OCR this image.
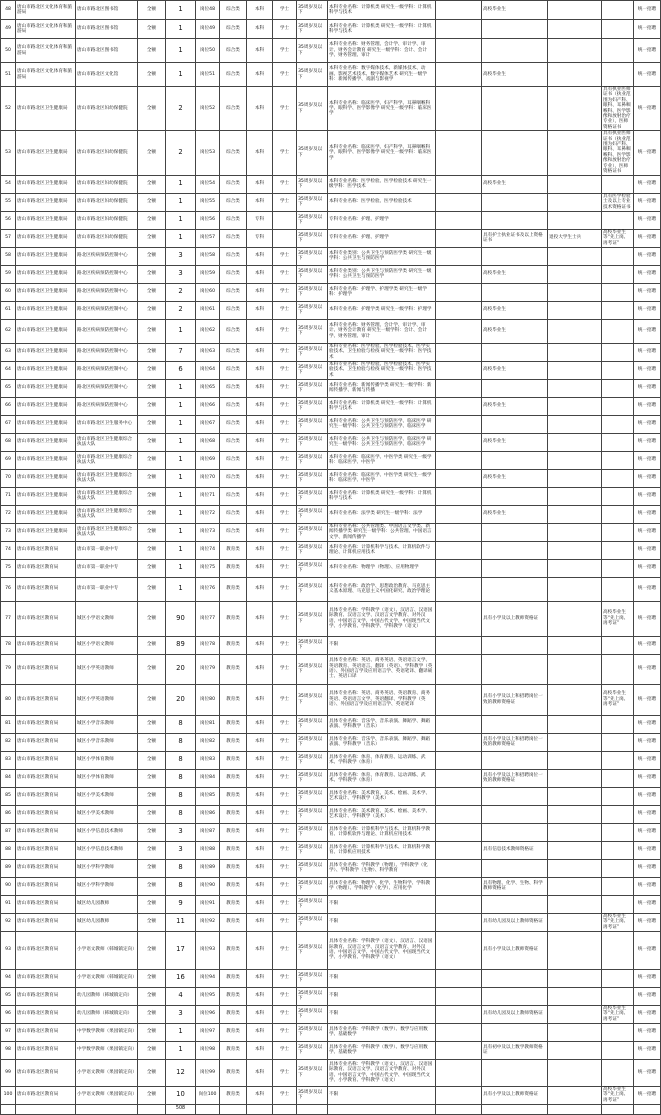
48	唐山市路北区文化体育和旅游局	唐山市路北区图书馆	全额	1	岗位48	综合类	本科	学士	35周岁及以下	本科专业名称：计算机类 研究生一级学科：计算机科学与技术		高校毕业生			统一招聘
49	唐山市路北区文化体育和旅游局	唐山市路北区图书馆	全额	1	岗位49	综合类	本科	学士	35周岁及以下	本科专业名称：计算机类 研究生一级学科：计算机科学与技术					统一招聘
50	唐山市路北区文化体育和旅游局	唐山市路北区图书馆	全额	1	岗位50	综合类	本科	学士	35周岁及以下	本科专业名称：财务管理、会计学、审计学、审计、财务会计教育 研究生一级学科：会计、会计学、财务管理、审计					统一招聘
51	唐山市路北区文化体育和旅游局	唐山市路北区文化馆	全额	1	岗位51	综合类	本科	学士	35周岁及以下	本科专业名称：数字媒体技术、新媒体技术、动画、影视艺术技术、数字媒体艺术 研究生一级学科：新闻传播学、戏剧与影视学		高校毕业生			统一招聘
52	唐山市路北区卫生健康局	唐山市路北区妇幼保健院	全额	2	岗位52	综合类	本科	学士	35周岁及以下	本科专业名称：临床医学、妇产科学、耳鼻咽喉科学、眼科学、医学影像学 研究生一级学科：临床医学				具有执业医师证书（执业范围为妇产科、眼科、耳鼻咽喉科、医学影像和放射治疗专业），医师资格证书	统一招聘
53	唐山市路北区卫生健康局	唐山市路北区妇幼保健院	全额	2	岗位53	综合类	本科	学士	35周岁及以下	本科专业名称：临床医学、妇产科学、耳鼻咽喉科学、眼科学、医学影像学 研究生一级学科：临床医学				具有执业医师证书（执业范围为妇产科、眼科、耳鼻咽喉科、医学影像和放射治疗专业），医师资格证书	统一招聘
54	唐山市路北区卫生健康局	唐山市路北区妇幼保健院	全额	1	岗位54	综合类	本科	学士	35周岁及以下	本科专业名称：医学检验、医学检验技术 研究生一级学科：医学技术		高校毕业生			统一招聘
55	唐山市路北区卫生健康局	唐山市路北区妇幼保健院	全额	1	岗位55	综合类	本科	学士	35周岁及以下	本科专业名称：医学检验、医学检验技术				具有医学检验士及以上专业技术资格证书	统一招聘
56	唐山市路北区卫生健康局	唐山市路北区妇幼保健院	全额	1	岗位56	综合类	专科		35周岁及以下	专科专业名称：护理、护理学					统一招聘
57	唐山市路北区卫生健康局	唐山市路北区妇幼保健院	全额	1	岗位57	综合类	专科		35周岁及以下	专科专业名称：护理、护理学		具有护士执业证书及以上资格证书	退役大学生士兵	高校毕业生等“先上岗、再考证”	统一招聘
58	唐山市路北区卫生健康局	路北区疾病预防控制中心	全额	3	岗位58	综合类	本科	学士	35周岁及以下	本科专业类别：公共卫生与预防医学类 研究生一级学科：公共卫生与预防医学					统一招聘
59	唐山市路北区卫生健康局	路北区疾病预防控制中心	全额	3	岗位59	综合类	本科	学士	35周岁及以下	本科专业类别：公共卫生与预防医学类 研究生一级学科：公共卫生与预防医学		高校毕业生			统一招聘
60	唐山市路北区卫生健康局	路北区疾病预防控制中心	全额	2	岗位60	综合类	本科	学士	35周岁及以下	本科专业名称：护理学、护理学类 研究生一级学科：护理学					统一招聘
61	唐山市路北区卫生健康局	路北区疾病预防控制中心	全额	2	岗位61	综合类	本科	学士	35周岁及以下	本科专业名称：护理学类 研究生一级学科：护理学		高校毕业生			统一招聘
62	唐山市路北区卫生健康局	路北区疾病预防控制中心	全额	1	岗位62	综合类	本科	学士	35周岁及以下	本科专业名称：财务管理、会计学、审计学、审计、财务会计教育 研究生一级学科：会计、会计学、财务管理、审计		高校毕业生			统一招聘
63	唐山市路北区卫生健康局	路北区疾病预防控制中心	全额	7	岗位63	综合类	本科	学士	35周岁及以下	本科专业名称：医学检验、医学检验技术、医学实验技术、卫生检验与检疫 研究生一级学科：医学技术					统一招聘
64	唐山市路北区卫生健康局	路北区疾病预防控制中心	全额	6	岗位64	综合类	本科	学士	35周岁及以下	本科专业名称：医学检验、医学检验技术、医学实验技术、卫生检验与检疫 研究生一级学科：医学技术		高校毕业生			统一招聘
65	唐山市路北区卫生健康局	路北区疾病预防控制中心	全额	1	岗位65	综合类	本科	学士	35周岁及以下	本科专业名称：新闻传播学类 研究生一级学科：新闻传播学、新闻与传播					统一招聘
66	唐山市路北区卫生健康局	路北区疾病预防控制中心	全额	1	岗位66	综合类	本科	学士	35周岁及以下	本科专业名称：计算机类 研究生一级学科：计算机科学与技术		高校毕业生			统一招聘
67	唐山市路北区卫生健康局	唐山市路北区卫生服务中心	全额	1	岗位67	综合类	本科	学士	35周岁及以下	本科专业名称：公共卫生与预防医学、临床医学 研究生一级学科：公共卫生与预防医学、临床医学					统一招聘
68	唐山市路北区卫生健康局	唐山市路北区卫生健康综合执法大队	全额	1	岗位68	综合类	本科	学士	35周岁及以下	本科专业名称：公共卫生与预防医学、临床医学 研究生一级学科：公共卫生与预防医学、临床医学		高校毕业生			统一招聘
69	唐山市路北区卫生健康局	唐山市路北区卫生健康综合执法大队	全额	1	岗位69	综合类	本科	学士	35周岁及以下	本科专业名称：临床医学、中医学类 研究生一级学科：临床医学、中医学					统一招聘
70	唐山市路北区卫生健康局	唐山市路北区卫生健康综合执法大队	全额	1	岗位70	综合类	本科	学士	35周岁及以下	本科专业名称：临床医学、中医学类 研究生一级学科：临床医学、中医学		高校毕业生			统一招聘
71	唐山市路北区卫生健康局	唐山市路北区卫生健康综合执法大队	全额	1	岗位71	综合类	本科	学士	35周岁及以下	本科专业名称：计算机类 研究生一级学科：计算机科学与技术					统一招聘
72	唐山市路北区卫生健康局	唐山市路北区卫生健康综合执法大队	全额	1	岗位72	综合类	本科	学士	35周岁及以下	本科专业名称：法学类 研究生一级学科：法学		高校毕业生			统一招聘
73	唐山市路北区卫生健康局	唐山市路北区卫生健康综合执法大队	全额	1	岗位73	综合类	本科	学士	35周岁及以下	本科专业名称：公共管理类、中国语言文学类、新闻传播学类 研究生一级学科：公共管理、中国语言文学、新闻传播学					统一招聘
74	唐山市路北区教育局	唐山市第一职业中专	全额	1	岗位74	教育类	本科	学士	35周岁及以下	本科专业名称：计算机科学与技术、计算机软件与理论、计算机应用技术					统一招聘
75	唐山市路北区教育局	唐山市第一职业中专	全额	1	岗位75	教育类	本科	学士	35周岁及以下	本科专业名称：物理学（物理）、应用物理学					统一招聘
76	唐山市路北区教育局	唐山市第一职业中专	全额	1	岗位76	教育类	本科	学士	35周岁及以下	本科专业名称：政治学、思想政治教育、马克思主义基本原理、马克思主义中国化研究、政治学理论					统一招聘
77	唐山市路北区教育局	城区小学语文教师	全额	90	岗位77	教育类	本科	学士	35周岁及以下	具体专业名称：学科教学（语文）、汉语言、汉语国际教育、汉语言文学、汉语言文学教育、对外汉语、中国语言文学、中国古代文学、中国现当代文学、小学教育、学科教学、学科教学（语文）		具有小学及以上教师资格证		高校毕业生等“先上岗、再考证”	统一招聘
78	唐山市路北区教育局	城区小学语文教师	全额	89	岗位78	教育类	本科	学士	35周岁及以下	不限					统一招聘
79	唐山市路北区教育局	城区小学英语教师	全额	20	岗位79	教育类	本科	学士	35周岁及以下	具体专业名称：英语、商务英语、英语语言文学、英语教育、英语语言、翻译（英语）、学科教学（英语）、外国语言学及应用语言学、英语笔译、翻译硕士、英语口译					统一招聘
80	唐山市路北区教育局	城区小学英语教师	全额	20	岗位80	教育类	本科	学士	35周岁及以下	具体专业名称：英语、商务英语、英语教育、商务英语、英语语言文学、英语翻译、学科教学（英语）、外国语言学及应用语言学、英语笔译		具有小学及以上和招聘岗位一致的教师资格证		高校毕业生等“先上岗、再考证”	统一招聘
81	唐山市路北区教育局	城区小学音乐教师	全额	8	岗位81	教育类	本科	学士	35周岁及以下	具体专业名称：音乐学、音乐表演、舞蹈学、舞蹈表演、学科教学（音乐）					统一招聘
82	唐山市路北区教育局	城区小学音乐教师	全额	8	岗位82	教育类	本科	学士	35周岁及以下	具体专业名称：音乐学、音乐表演、舞蹈学、舞蹈表演、学科教学（音乐）		具有小学及以上和招聘岗位一致的教师资格证			统一招聘
83	唐山市路北区教育局	城区小学体育教师	全额	8	岗位83	教育类	本科	学士	35周岁及以下	具体专业名称：体育、体育教育、运动训练、武术、学科教学（体育）					统一招聘
84	唐山市路北区教育局	城区小学体育教师	全额	8	岗位84	教育类	本科	学士	35周岁及以下	具体专业名称：体育、体育教育、运动训练、武术、学科教学（体育）		具有小学及以上和招聘岗位一致的教师资格证			统一招聘
85	唐山市路北区教育局	城区小学美术教师	全额	8	岗位85	教育类	本科	学士	35周岁及以下	具体专业名称：美术教育、美术、绘画、美术学、艺术设计、学科教学（美术）					统一招聘
86	唐山市路北区教育局	城区小学美术教师	全额	8	岗位86	教育类	本科	学士	35周岁及以下	具体专业名称：美术教育、美术、绘画、美术学、艺术设计、学科教学（美术）					统一招聘
87	唐山市路北区教育局	城区小学信息技术教师	全额	3	岗位87	教育类	本科	学士	35周岁及以下	具体专业名称：计算机科学与技术、计算机科学教育、计算机软件与理论、计算机应用技术					统一招聘
88	唐山市路北区教育局	城区小学信息技术教师	全额	3	岗位88	教育类	本科	学士	35周岁及以下	具体专业名称：计算机科学与技术、计算机科学教育、计算机应用技术		具有信息技术教师资格证			统一招聘
89	唐山市路北区教育局	城区小学科学教师	全额	8	岗位89	教育类	本科	学士	35周岁及以下	具体专业名称：学科教学（物理）、学科教学（化学）、学科教学（生物）、科学教育					统一招聘
90	唐山市路北区教育局	城区小学科学教师	全额	8	岗位90	教育类	本科	学士	35周岁及以下	具体专业名称：物理学、化学、生物科学、学科教学（物理）、学科教学（化学）、应用化学		具有物理、化学、生物、科学教师资格证			统一招聘
91	唐山市路北区教育局	城区幼儿园教师	全额	9	岗位91	教育类	本科	学士	35周岁及以下	不限					统一招聘
92	唐山市路北区教育局	城区幼儿园教师	全额	11	岗位92	教育类	本科	学士	35周岁及以下	不限		具有幼儿园及以上教师资格证		高校毕业生等“先上岗、再考证”	统一招聘
93	唐山市路北区教育局	小学语文教师（韩城镇定向）	全额	17	岗位93	教育类	本科	学士	35周岁及以下	具体专业名称：学科教学（语文）、汉语言、汉语国际教育、汉语言文学、汉语言文学教育、对外汉语、中国语言文学、中国古代文学、中国现当代文学、小学教育、学科教学（语文）		具有小学及以上教师资格证			统一招聘
94	唐山市路北区教育局	小学语文教师（韩城镇定向）	全额	16	岗位94	教育类	本科	学士	35周岁及以下	不限					统一招聘
95	唐山市路北区教育局	幼儿园教师（韩城镇定向）	全额	4	岗位95	教育类	本科	学士	35周岁及以下	不限					统一招聘
96	唐山市路北区教育局	幼儿园教师（韩城镇定向）	全额	3	岗位96	教育类	本科	学士	35周岁及以下	不限		具有幼儿园及以上教师资格证		高校毕业生等“先上岗、再考证”	统一招聘
97	唐山市路北区教育局	中学数学教师（果园镇定向）	全额	1	岗位97	教育类	本科	学士	35周岁及以下	具体专业名称：学科教学（数学）、数学与应用数学、基础数学					统一招聘
98	唐山市路北区教育局	中学数学教师（果园镇定向）	全额	1	岗位98	教育类	本科	学士	35周岁及以下	具体专业名称：学科教学（数学）、数学与应用数学、基础数学		具有初中及以上数学教师资格证			统一招聘
99	唐山市路北区教育局	小学语文教师（果园镇定向）	全额	12	岗位99	教育类	本科	学士	35周岁及以下	具体专业名称：学科教学（语文）、汉语言、汉语国际教育、汉语言文学、汉语言文学教育、对外汉语、中国语言文学、中国古代文学、中国现当代文学、小学教育、学科教学（语文）					统一招聘
100	唐山市路北区教育局	小学语文教师（果园镇定向）	全额	10	岗位100	教育类	本科	学士	35周岁及以下	不限		具有小学及以上教师资格证		高校毕业生等“先上岗、再考证”	统一招聘
				508											
